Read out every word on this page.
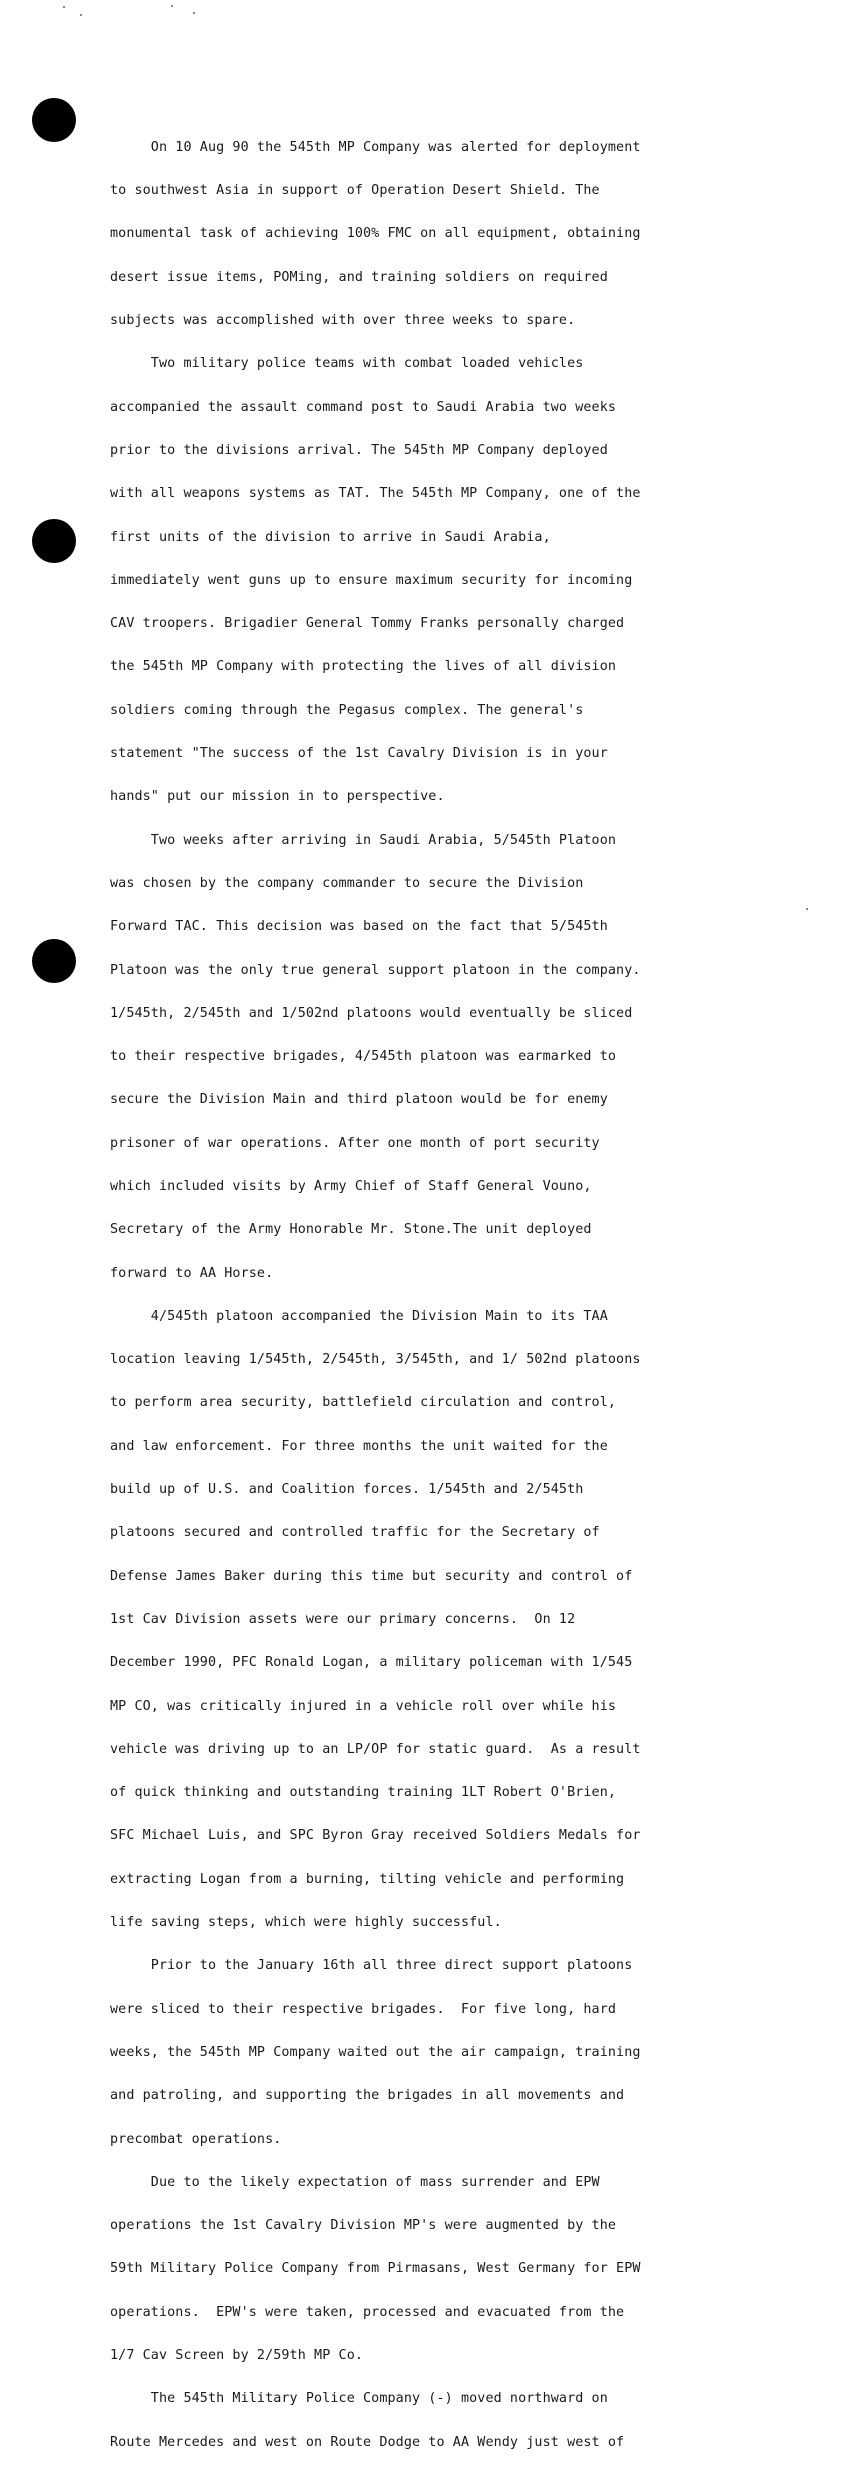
On 10 Aug 90 the 545th MP Company was alerted for deployment

to southwest Asia in support of Operation Desert Shield. The

monumental task of achieving 100% FMC on all equipment, obtaining

desert issue items, POMing, and training soldiers on required

subjects was accomplished with over three weeks to spare.

Two military police teams with combat loaded vehicles

accompanied the assault command post to Saudi Arabia two weeks

prior to the divisions arrival. The 545th MP Company deployed

with all weapons systems as TAT. The 545th MP Company, one of the

first units of the division to arrive in Saudi Arabia,

immediately went guns up to ensure maximum security for incoming

CAV troopers. Brigadier General Tommy Franks personally charged

the 545th MP Company with protecting the lives of all division

soldiers coming through the Pegasus complex. The general's

statement "The success of the 1st Cavalry Division is in your

hands" put our mission in to perspective.

Two weeks after arriving in Saudi Arabia, 5/545th Platoon

was chosen by the company commander to secure the Division

Forward TAC. This decision was based on the fact that 5/545th

Platoon was the only true general support platoon in the company.

1/545th, 2/545th and 1/502nd platoons would eventually be sliced

to their respective brigades, 4/545th platoon was earmarked to

secure the Division Main and third platoon would be for enemy

prisoner of war operations. After one month of port security

which included visits by Army Chief of Staff General Vouno,

Secretary of the Army Honorable Mr. Stone.The unit deployed

forward to AA Horse.

4/545th platoon accompanied the Division Main to its TAA

location leaving 1/545th, 2/545th, 3/545th, and 1/ 502nd platoons

to perform area security, battlefield circulation and control,

and law enforcement. For three months the unit waited for the

build up of U.S. and Coalition forces. 1/545th and 2/545th

platoons secured and controlled traffic for the Secretary of

Defense James Baker during this time but security and control of

1st Cav Division assets were our primary concerns.  On 12

December 1990, PFC Ronald Logan, a military policeman with 1/545

MP CO, was critically injured in a vehicle roll over while his

vehicle was driving up to an LP/OP for static guard.  As a result

of quick thinking and outstanding training 1LT Robert O'Brien,

SFC Michael Luis, and SPC Byron Gray received Soldiers Medals for

extracting Logan from a burning, tilting vehicle and performing

life saving steps, which were highly successful.

Prior to the January 16th all three direct support platoons

were sliced to their respective brigades.  For five long, hard

weeks, the 545th MP Company waited out the air campaign, training

and patroling, and supporting the brigades in all movements and

precombat operations.

Due to the likely expectation of mass surrender and EPW

operations the 1st Cavalry Division MP's were augmented by the

59th Military Police Company from Pirmasans, West Germany for EPW

operations.  EPW's were taken, processed and evacuated from the

1/7 Cav Screen by 2/59th MP Co.

The 545th Military Police Company (-) moved northward on

Route Mercedes and west on Route Dodge to AA Wendy just west of
